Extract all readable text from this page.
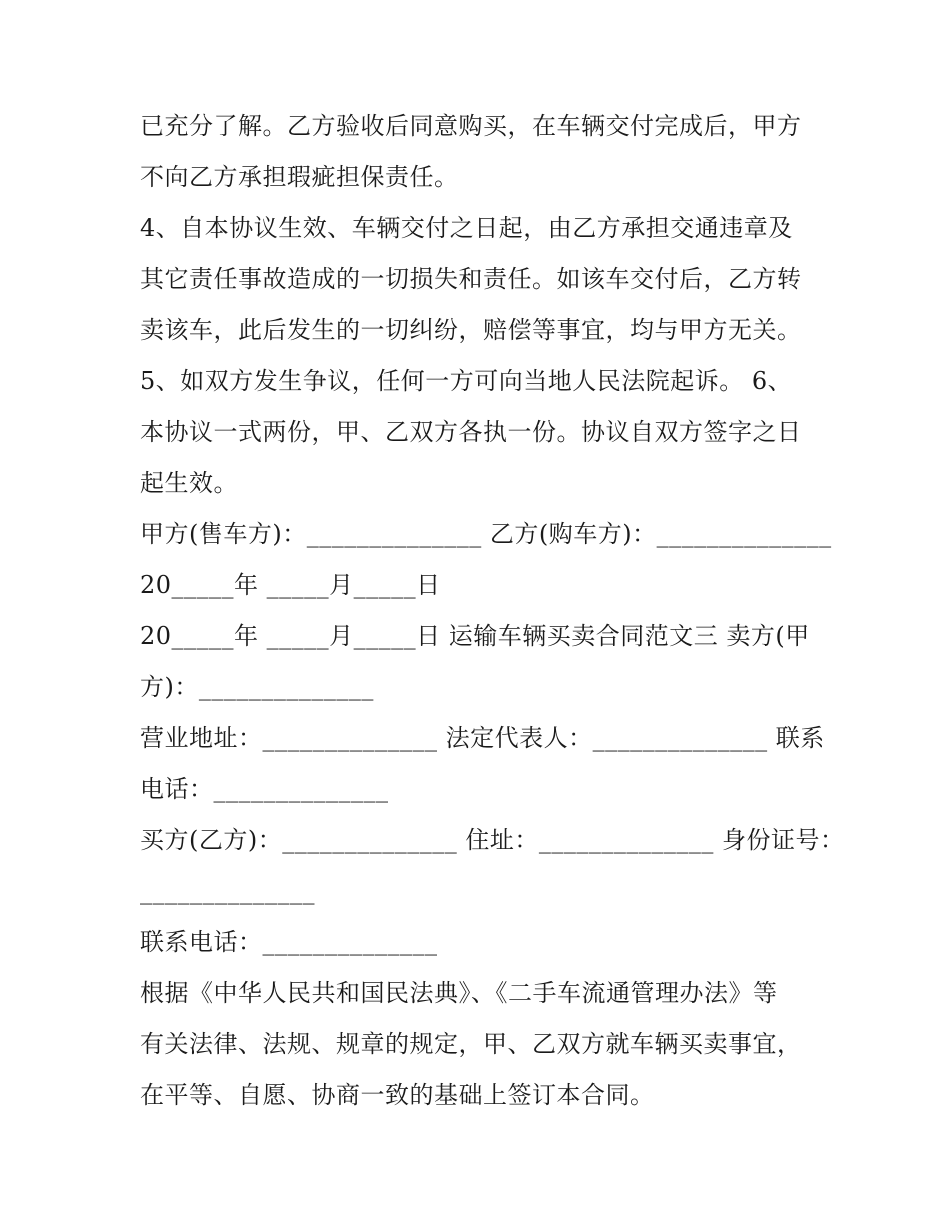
已充分了解。乙方验收后同意购买，在车辆交付完成后，甲方
不向乙方承担瑕疵担保责任。
4、自本协议生效、车辆交付之日起，由乙方承担交通违章及
其它责任事故造成的一切损失和责任。如该车交付后，乙方转
卖该车，此后发生的一切纠纷，赔偿等事宜，均与甲方无关。
5、如双方发生争议，任何一方可向当地人民法院起诉。 6、
本协议一式两份，甲、乙双方各执一份。协议自双方签字之日
起生效。
甲方(售车方)：______________ 乙方(购车方)：______________
20_____年 _____月_____日
20_____年 _____月_____日 运输车辆买卖合同范文三 卖方(甲
方)：______________
营业地址：______________ 法定代表人：______________ 联系
电话：______________
买方(乙方)：______________ 住址：______________ 身份证号：
______________
联系电话：______________
根据《中华人民共和国民法典》、《二手车流通管理办法》等
有关法律、法规、规章的规定，甲、乙双方就车辆买卖事宜，
在平等、自愿、协商一致的基础上签订本合同。
